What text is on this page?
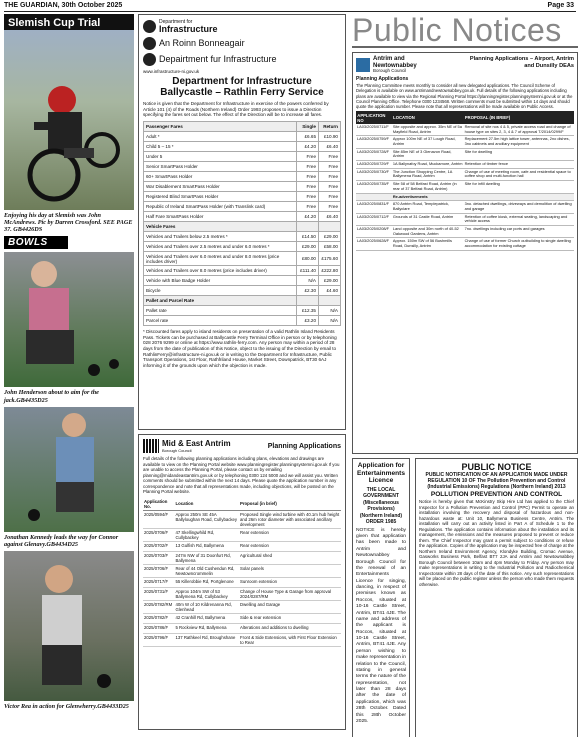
THE GUARDIAN, 30th October 2025	Page 33
Slemish Cup Trial
Enjoying his day at Slemish was John McAndrews. Pic by Darren Crossford. SEE PAGE 37. GB4426DS
BOWLS
John Henderson about to aim for the jack.GB4435D25
Jonathan Kennedy leads the way for Connor against Glenavy.GB4434D25
Victor Rea in action for Glenwherry.GB4433D25
Department for
Infrastructure
An Roinn Bonneagair
Depairtment fur Infrastructure
www.infrastructure-ni.gov.uk
Department for Infrastructure
Ballycastle – Rathlin Ferry Service
Notice is given that the Department for Infrastructure in exercise of the powers conferred by Article 101 (4) of the Roads (Northern Ireland) Order 1993 proposes to issue a Direction specifying the fares set out below. The effect of the Direction will be to increase all fares.
Passenger Fares	Single	Return
Adult *	£6.65	£10.90
Child 5 – 15 *	£4.20	£6.40
Under 5	Free	Free
Senior SmartPass Holder	Free	Free
60+ SmartPass Holder	Free	Free
War Disablement SmartPass Holder	Free	Free
Registered Blind SmartPass Holder	Free	Free
Republic of Ireland SmartPass Holder (with Translink card)	Free	Free
Half Fare SmartPass Holder	£4.20	£6.40
Vehicle Fares		
Vehicles and Trailers below 2.5 metres *	£14.50	£29.00
Vehicles and Trailers over 2.5 metres and under 6.0 metres *	£29.00	£58.00
Vehicles and Trailers over 6.0 metres and under 8.0 metres (price includes driver)	£80.00	£175.60
Vehicles and Trailers over 8.0 metres (price includes driver)	£111.40	£222.80
Vehicle with Blue Badge Holder	N/A	£29.00
Bicycle	£2.30	£4.60
Pallet and Parcel Rate		
Pallet rate	£12.35	N/A
Parcel rate	£3.20	N/A
* Discounted fares apply to island residents on presentation of a valid Rathlin Island Residents Pass. Tickets can be purchased at Ballycastle Ferry Terminal Office in person or by telephoning 028 2076 9299 or online at https://www.rathlin-ferry.com. Any person may within a period of 28 days from the date of publication of this Notice, object to the issuing of the Direction by email to RathlinFerry@infrastructure-ni.gov.uk or in writing to the Department for Infrastructure, Public Transport Operations, 1st Floor, Rathfriland House, Market Street, Downpatrick, BT30 6AJ informing it of the grounds upon which the objection is made.
Mid & East Antrim
Borough Council
Planning Applications
Full details of the following planning applications including plans, elevations and drawings are available to view on the Planning Portal website www.planningregister.planningsystemni.gov.uk If you are unable to access the Planning Portal, please contact us by emailing planning@midandeastantrim.gov.uk or by telephoning 0300 124 5000 and we will assist you. Written comments should be submitted within the next 14 days. Please quote the application number in any correspondence and note that all representations made, including objections, will be posted on the Planning Portal website.
Application No.	Location	Proposal (in brief)
2025/0594/F	Approx 250m SE 45A Ballyloughan Road, Cullybackey	Proposed Single wind turbine with 40.1m hub height and 26m rotor diameter with associated ancillary development
2025/0706/F	47 Skellingwhild Rd, Cullybackey	Rear extension
2025/0702/F	13 Gulfish Rd, Ballymena	Rear extension
2025/0703/F	247m NW of 31 Doonfurt Rd, Ballymena	Agricultural shed
2025/0706/F	Rear of 44 Old Cushendun Rd, Newtowncrommelin	Solar panels
2025/0717/F	55 Killerobbie Rd, Portglenone	Sunroom extension
2025/0731/F	Approx 104m SW of 53 Ballymena Rd, Cullybackey	Change of House Type & Garage from approval 2024/0287/RM
2025/0782/RM	40m W of 10 Kildrenanna Rd, Glenhead	Dwelling and Garage
2025/0782/F	42 Cranhill Rd, Ballymena	Side & rear extension
2025/0786/F	5 Rockview Rd, Ballymena	Alterations and additions to dwelling
2025/0796/F	137 Rathkeel Rd, Broughshane	Front & Side Extensions, with First Floor Extension to Rear
Public Notices
Antrim and
Newtownabbey
Borough Council
Planning Applications – Airport, Antrim and Dunsilly DEAs
Planning Applications
The Planning Committee meets monthly to consider all new delegated applications. The Council Scheme of Delegation is available on www.antrimandnewtownabbey.gov.uk. Full details of the following applications including plans are available to view via the Regional Planning Portal https://planningregister.planningsystemni.gov.uk or at the Council Planning Office. Telephone 0300 1234568. Written comments must be submitted within 14 days and should quote the application number. Please note that all representations will be made available on Public Access.
APPLICATION NO	LOCATION	PROPOSAL (IN BRIEF)
LA03/2025/0711/F	Site opposite and approx. 35m NE of 5a Mayfield Road, Antrim	Removal of site nos 4 & 5, private access road and change of house type on sites 2, 3, 4 & 7 of approval T/2014/0299/F
LA03/2025/0759/F	Approx 100m NE of 37 Lough Road, Antrim	Replacement 27.5m high lattice tower, antennas, 2no dishes, 3no cabinets and ancillary equipment
LA03/2025/0728/F	Site 85m NE of 3 Glenavon Road, Antrim	Site for dwelling
LA03/2025/0729/F	1A Ballynafoy Road, Muckamore, Antrim	Retention of timber fence
LA03/2025/0730/F	The Junction Shopping Centre, 1A Ballymena Road, Antrim	Change of use of meeting room, cafe and residential space to coffee shop and multi-function hall
LA03/2025/0735/F	Site 58 of 58 Belfast Road, Antrim (in rear of 37 Belfast Road, Antrim)	Site for infill dwelling
	Re-advertisements	
LA03/2025/0831/F	870 Antrim Road, Templepatrick, Ballyclare	3no. detached dwellings, driveways and demolition of dwelling and garage
LA03/2025/0712/F	Grounds of 31 Castle Road, Antrim	Retention of coffee kiosk, external seating, landscaping and vehicle access
LA03/2025/0208/F	Land opposite and 30m north of 40-52 Oakwood Gardens, Antrim	7no. dwellings including car ports and garages
LA03/2025/0628/F	Approx. 150m SW of 56 Bushmills Road, Dunsilly, Antrim	Change of use of former Church outbuilding to single dwelling accommodation for existing cottage
Application for Entertainments Licence
THE LOCAL GOVERNMENT (Miscellaneous Provisions) (Northern Ireland) ORDER 1985
NOTICE is hereby given that application has been made to Antrim and Newtownabbey Borough Council for the renewal of an Entertainments Licence for singing, dancing, in respect of premises known as Roccos, situated at 10-16 Castle Street, Antrim, BT41 4JE. The name and address of the applicant is Roccos, situated at 10-16 Castle Street, Antrim, BT41 4JE. Any person wishing to make representation in relation to the Council, stating in general terms the nature of the representation, not later than 28 days after the date of application, which was 28th October. Dated this 28th October 2025.
PUBLIC NOTICE
PUBLIC NOTIFICATION OF AN APPLICATION MADE UNDER REGULATION 10 OF The Pollution Prevention and Control (Industrial Emissions) Regulations (Northern Ireland) 2013
POLLUTION PREVENTION AND CONTROL
Notice is hereby given that McKinstry Skip Hire Ltd has applied to the Chief Inspector for a Pollution Prevention and Control (PPC) Permit to operate an installation involving the recovery and disposal of hazardous and non-hazardous waste at: Unit 10, Ballymena Business Centre, Antrim. The installation will carry out an activity listed in Part A of Schedule 1 to the Regulations. The application contains information about the installation and its management, the emissions and the measures proposed to prevent or reduce them. The Chief Inspector may grant a permit subject to conditions or refuse the application. Copies of the application may be inspected free of charge at the Northern Ireland Environment Agency, Klondyke Building, Cromac Avenue, Gasworks Business Park, Belfast BT7 2JA and Antrim and Newtownabbey Borough Council between 10am and 4pm Monday to Friday. Any person may make representations in writing to the Industrial Pollution and Radiochemical Inspectorate within 28 days of the date of this notice. Any such representations will be placed on the public register unless the person who made them requests otherwise.
